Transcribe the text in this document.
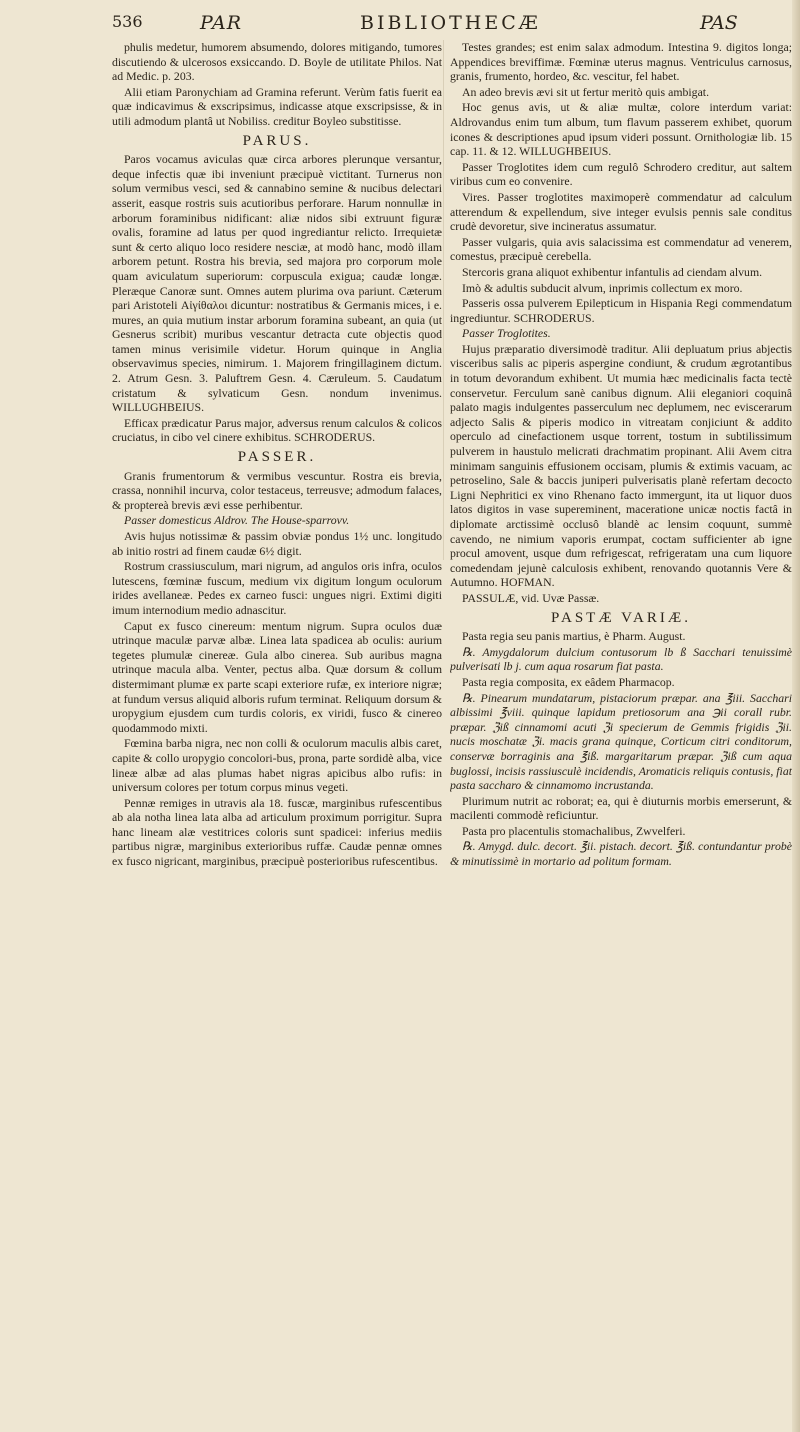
536	PAR	BIBLIOTHECÆ	PAS

phulis medetur, humorem absumendo, dolores mitigando, tumores discutiendo & ulcerosos exsiccando. D. Boyle de utilitate Philos. Nat ad Medic. p. 203.

Alii etiam Paronychiam ad Gramina referunt. Verùm fatis fuerit ea quæ indicavimus & exscripsimus, indicasse atque exscripsisse, & in utili admodum plantâ ut Nobiliss. creditur Boyleo substitisse.

PARUS.

Paros vocamus aviculas quæ circa arbores plerunque versantur, deque infectis quæ ibi inveniunt præcipuè victitant. Turnerus non solum vermibus vesci, sed & cannabino semine & nucibus delectari asserit, easque rostris suis acutioribus perforare. Harum nonnullæ in arborum foraminibus nidificant: aliæ nidos sibi extruunt figuræ ovalis, foramine ad latus per quod ingrediantur relicto. Irrequietæ sunt & certo aliquo loco residere nesciæ, at modò hanc, modò illam arborem petunt. Rostra his brevia, sed majora pro corporum mole quam aviculatum superiorum: corpuscula exigua; caudæ longæ. Pleræque Canoræ sunt. Omnes autem plurima ova pariunt. Cæterum pari Aristoteli Αἰγίθαλοι dicuntur: nostratibus & Germanis mices, i e. mures, an quia mutium instar arborum foramina subeant, an quia (ut Gesnerus scribit) muribus vescantur detracta cute objectis quod tamen minus verisimile videtur. Horum quinque in Anglia observavimus species, nimirum. 1. Majorem fringillaginem dictum. 2. Atrum Gesn. 3. Paluftrem Gesn. 4. Cæruleum. 5. Caudatum cristatum & sylvaticum Gesn. nondum invenimus. WILLUGHBEIUS.

Efficax prædicatur Parus major, adversus renum calculos & colicos cruciatus, in cibo vel cinere exhibitus. SCHRODERUS.

PASSER.

Granis frumentorum & vermibus vescuntur. Rostra eis brevia, crassa, nonnihil incurva, color testaceus, terreusve; admodum falaces, & proptereà brevis ævi esse perhibentur.

Passer domesticus Aldrov. The House-sparrovv.

Avis hujus notissimæ & passim obviæ pondus 1½ unc. longitudo ab initio rostri ad finem caudæ 6½ digit.

Rostrum crassiusculum, mari nigrum, ad angulos oris infra, oculos lutescens, fœminæ fuscum, medium vix digitum longum oculorum irides avellaneæ. Pedes ex carneo fusci: ungues nigri. Extimi digiti imum internodium medio adnascitur.

Caput ex fusco cinereum: mentum nigrum. Supra oculos duæ utrinque maculæ parvæ albæ. Linea lata spadicea ab oculis: aurium tegetes plumulæ cinereæ. Gula albo cinerea. Sub auribus magna utrinque macula alba. Venter, pectus alba. Quæ dorsum & collum distermimant plumæ ex parte scapi exteriore rufæ, ex interiore nigræ; at fundum versus aliquid alboris rufum terminat. Reliquum dorsum & uropygium ejusdem cum turdis coloris, ex viridi, fusco & cinereo quodammodo mixti.

Fœmina barba nigra, nec non colli & oculorum maculis albis caret, capite & collo uropygio concolori-bus, prona, parte sordidè alba, vice lineæ albæ ad alas plumas habet nigras apicibus albo rufis: in universum colores per totum corpus minus vegeti.

Pennæ remiges in utravis ala 18. fuscæ, marginibus rufescentibus ab ala notha linea lata alba ad articulum proximum porrigitur. Supra hanc lineam alæ vestitrices coloris sunt spadicei: inferius mediis partibus nigræ, marginibus exterioribus ruffæ. Caudæ pennæ omnes ex fusco nigricant, marginibus, præcipuè posterioribus rufescentibus.

Testes grandes; est enim salax admodum. Intestina 9. digitos longa; Appendices breviffimæ. Fœminæ uterus magnus. Ventriculus carnosus, granis, frumento, hordeo, &c. vescitur, fel habet.

An adeo brevis ævi sit ut fertur meritò quis ambigat.

Hoc genus avis, ut & aliæ multæ, colore interdum variat: Aldrovandus enim tum album, tum flavum passerem exhibet, quorum icones & descriptiones apud ipsum videri possunt. Ornithologiæ lib. 15 cap. 11. & 12. WILLUGHBEIUS.

Passer Troglotites idem cum regulô Schrodero creditur, aut saltem viribus cum eo convenire.

Vires. Passer troglotites maximoperè commendatur ad calculum atterendum & expellendum, sive integer evulsis pennis sale conditus crudè devoretur, sive incineratus assumatur.

Passer vulgaris, quia avis salacissima est commendatur ad venerem, comestus, præcipuè cerebella.

Stercoris grana aliquot exhibentur infantulis ad ciendam alvum.

Imò & adultis subducit alvum, inprimis collectum ex moro.

Passeris ossa pulverem Epilepticum in Hispania Regi commendatum ingrediuntur. SCHRODERUS.

Passer Troglotites.

Hujus præparatio diversimodè traditur. Alii depluatum prius abjectis visceribus salis ac piperis aspergine condiunt, & crudum ægrotantibus in totum devorandum exhibent. Ut mumia hæc medicinalis facta tectè conservetur. Ferculum sanè canibus dignum. Alii eleganiori coquinâ palato magis indulgentes passerculum nec deplumem, nec eviscerarum adjecto Salis & piperis modico in vitreatam conjiciunt & addito operculo ad cinefactionem usque torrent, tostum in subtilissimum pulverem in haustulo melicrati drachmatim propinant. Alii Avem citra minimam sanguinis effusionem occisam, plumis & extimis vacuam, ac petroselino, Sale & baccis juniperi pulverisatis planè refertam decocto Ligni Nephritici ex vino Rhenano facto immergunt, ita ut liquor duos latos digitos in vase supereminent, maceratione unicæ noctis factâ in diplomate arctissimè occlusô blandè ac lensim coquunt, summè cavendo, ne nimium vaporis erumpat, coctam sufficienter ab igne procul amovent, usque dum refrigescat, refrigeratam una cum liquore comedendam jejunè calculosis exhibent, renovando quotannis Vere & Autumno. HOFMAN.

PASSULÆ, vid. Uvæ Passæ.

PASTÆ VARIÆ.

Pasta regia seu panis martius, è Pharm. August.

℞. Amygdalorum dulcium contusorum lb ß Sacchari tenuissimè pulverisati lb j. cum aqua rosarum fiat pasta.

Pasta regia composita, ex eâdem Pharmacop.

℞. Pinearum mundatarum, pistaciorum præpar. ana ℥iii. Sacchari albissimi ℥viii. quinque lapidum pretiosorum ana ℈ii corall rubr. præpar. ℨiß cinnamomi acuti ℨi specierum de Gemmis frigidis ℨii. nucis moschatæ ℨi. macis grana quinque, Corticum citri conditorum, conservæ borraginis ana ℥iß. margaritarum præpar. ℨiß cum aqua buglossi, incisis rassiusculè incidendis, Aromaticis reliquis contusis, fiat pasta saccharo & cinnamomo incrustanda.

Plurimum nutrit ac roborat; ea, qui è diuturnis morbis emerserunt, & macilenti commodè reficiuntur.

Pasta pro placentulis stomachalibus, Zwvelferi.

℞. Amygd. dulc. decort. ℥ii. pistach. decort. ℥iß. contundantur probè & minutissimè in mortario ad politum formam.
